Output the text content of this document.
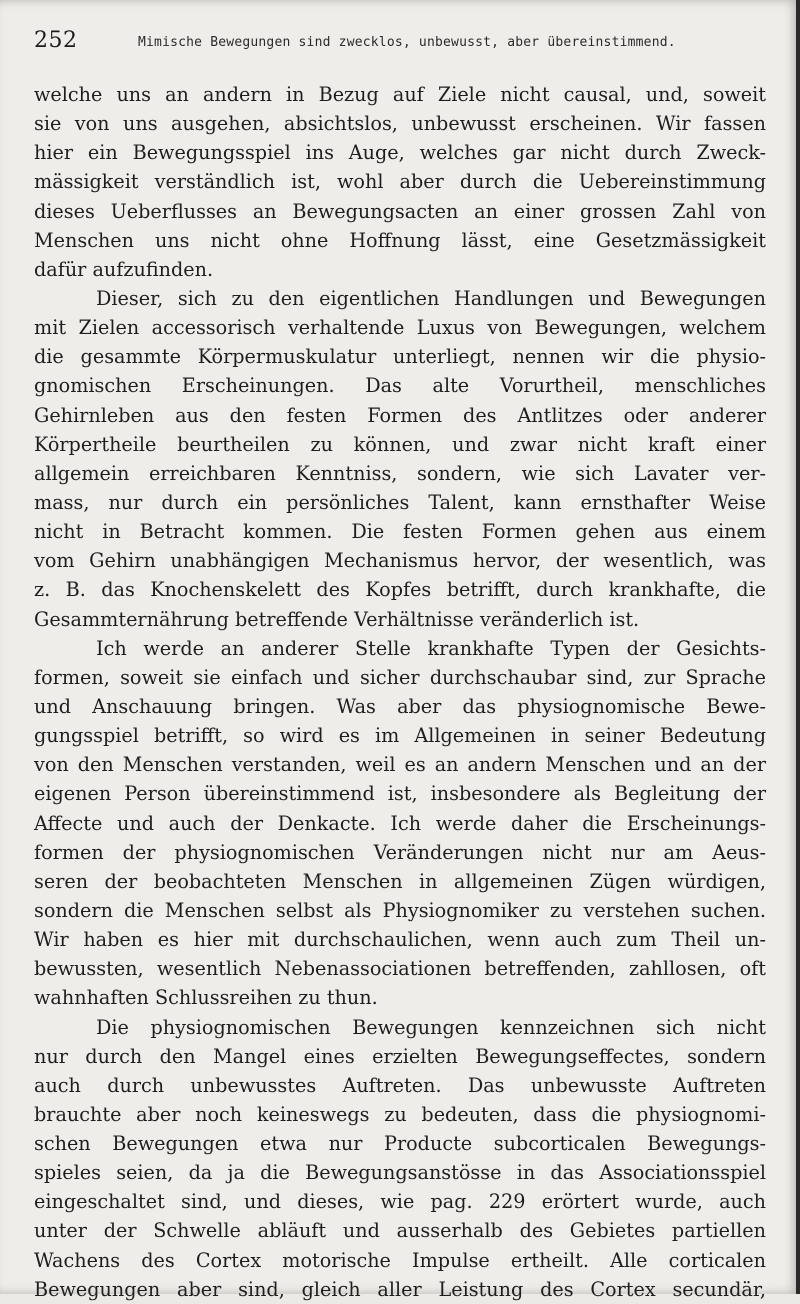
252	Mimische Bewegungen sind zwecklos, unbewusst, aber übereinstimmend.
welche uns an andern in Bezug auf Ziele nicht causal, und, soweit
sie von uns ausgehen, absichtslos, unbewusst erscheinen. Wir fassen
hier ein Bewegungsspiel ins Auge, welches gar nicht durch Zweck-
mässigkeit verständlich ist, wohl aber durch die Uebereinstimmung
dieses Ueberflusses an Bewegungsacten an einer grossen Zahl von
Menschen uns nicht ohne Hoffnung lässt, eine Gesetzmässigkeit
dafür aufzufinden.
Dieser, sich zu den eigentlichen Handlungen und Bewegungen
mit Zielen accessorisch verhaltende Luxus von Bewegungen, welchem
die gesammte Körpermuskulatur unterliegt, nennen wir die physio-
gnomischen Erscheinungen. Das alte Vorurtheil, menschliches
Gehirnleben aus den festen Formen des Antlitzes oder anderer
Körpertheile beurtheilen zu können, und zwar nicht kraft einer
allgemein erreichbaren Kenntniss, sondern, wie sich Lavater ver-
mass, nur durch ein persönliches Talent, kann ernsthafter Weise
nicht in Betracht kommen. Die festen Formen gehen aus einem
vom Gehirn unabhängigen Mechanismus hervor, der wesentlich, was
z. B. das Knochenskelett des Kopfes betrifft, durch krankhafte, die
Gesammternährung betreffende Verhältnisse veränderlich ist.
Ich werde an anderer Stelle krankhafte Typen der Gesichts-
formen, soweit sie einfach und sicher durchschaubar sind, zur Sprache
und Anschauung bringen. Was aber das physiognomische Bewe-
gungsspiel betrifft, so wird es im Allgemeinen in seiner Bedeutung
von den Menschen verstanden, weil es an andern Menschen und an der
eigenen Person übereinstimmend ist, insbesondere als Begleitung der
Affecte und auch der Denkacte. Ich werde daher die Erscheinungs-
formen der physiognomischen Veränderungen nicht nur am Aeus-
seren der beobachteten Menschen in allgemeinen Zügen würdigen,
sondern die Menschen selbst als Physiognomiker zu verstehen suchen.
Wir haben es hier mit durchschaulichen, wenn auch zum Theil un-
bewussten, wesentlich Nebenassociationen betreffenden, zahllosen, oft
wahnhaften Schlussreihen zu thun.
Die physiognomischen Bewegungen kennzeichnen sich nicht
nur durch den Mangel eines erzielten Bewegungseffectes, sondern
auch durch unbewusstes Auftreten. Das unbewusste Auftreten
brauchte aber noch keineswegs zu bedeuten, dass die physiognomi-
schen Bewegungen etwa nur Producte subcorticalen Bewegungs-
spieles seien, da ja die Bewegungsanstösse in das Associationsspiel
eingeschaltet sind, und dieses, wie pag. 229 erörtert wurde, auch
unter der Schwelle abläuft und ausserhalb des Gebietes partiellen
Wachens des Cortex motorische Impulse ertheilt. Alle corticalen
Bewegungen aber sind, gleich aller Leistung des Cortex secundär,
